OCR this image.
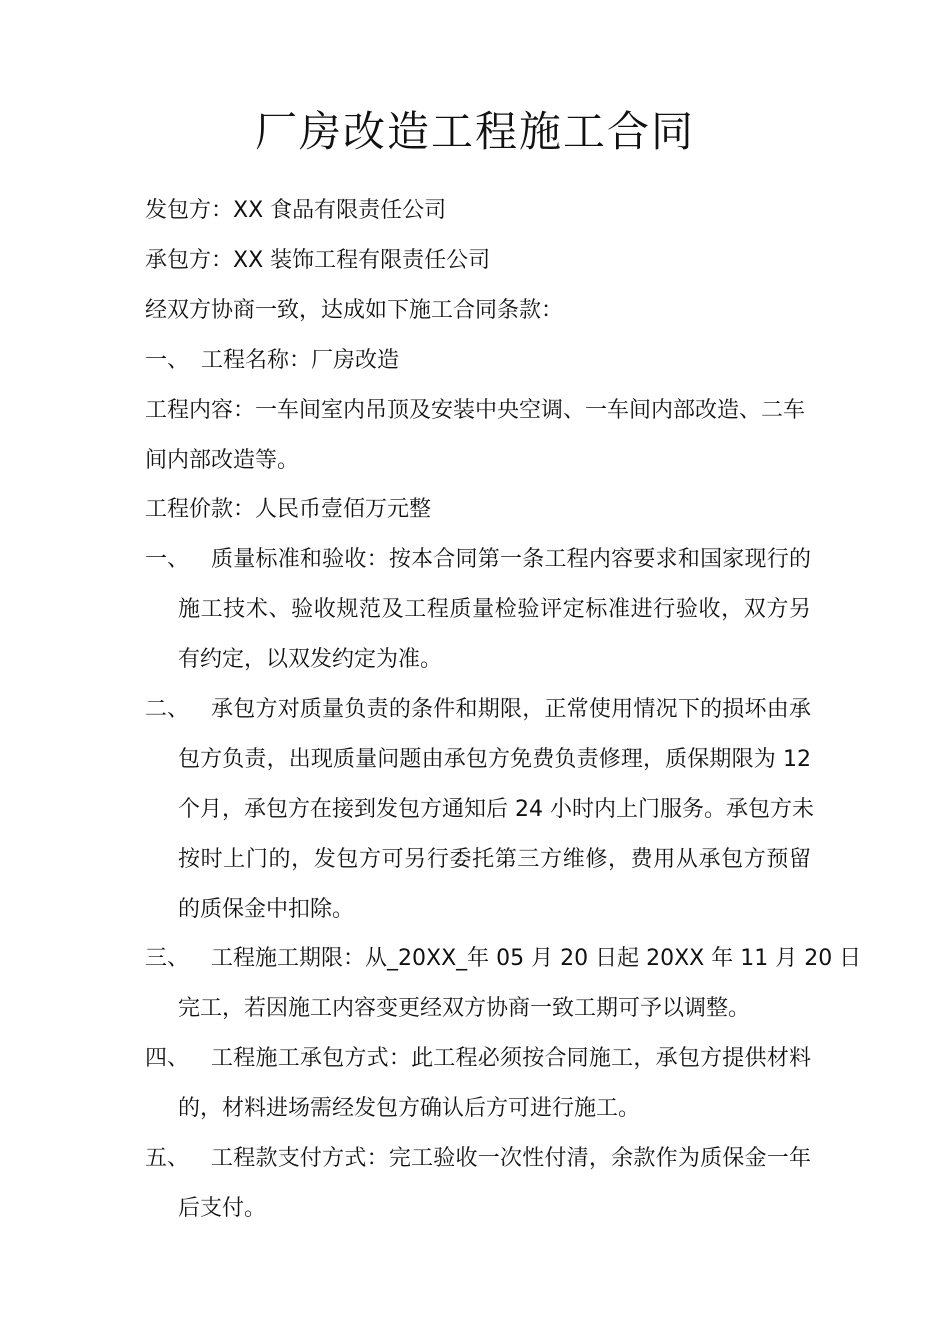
厂房改造工程施工合同
发包方：XX 食品有限责任公司
承包方：XX 装饰工程有限责任公司
经双方协商一致，达成如下施工合同条款：
一、 工程名称：厂房改造
工程内容：一车间室内吊顶及安装中央空调、一车间内部改造、二车
间内部改造等。
工程价款：人民币壹佰万元整
一、 质量标准和验收：按本合同第一条工程内容要求和国家现行的
施工技术、验收规范及工程质量检验评定标准进行验收，双方另
有约定，以双发约定为准。
二、 承包方对质量负责的条件和期限，正常使用情况下的损坏由承
包方负责，出现质量问题由承包方免费负责修理，质保期限为 12
个月，承包方在接到发包方通知后 24 小时内上门服务。承包方未
按时上门的，发包方可另行委托第三方维修，费用从承包方预留
的质保金中扣除。
三、 工程施工期限：从_20XX_年 05 月 20 日起 20XX 年 11 月 20 日
完工，若因施工内容变更经双方协商一致工期可予以调整。
四、 工程施工承包方式：此工程必须按合同施工，承包方提供材料
的，材料进场需经发包方确认后方可进行施工。
五、 工程款支付方式：完工验收一次性付清，余款作为质保金一年
后支付。
